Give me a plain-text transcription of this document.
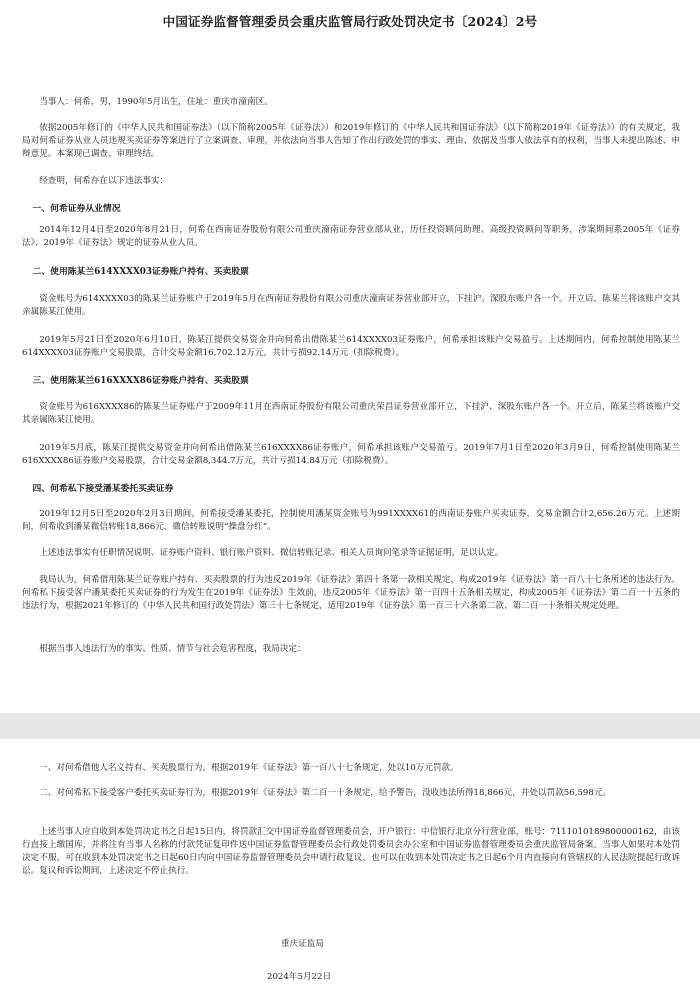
中国证券监督管理委员会重庆监管局行政处罚决定书〔2024〕2号

当事人：何希，男，1990年5月出生，住址：重庆市潼南区。

依据2005年修订的《中华人民共和国证券法》（以下简称2005年《证券法》）和2019年修订的《中华人民共和国证券法》（以下简称2019年《证券法》）的有关规定，我局对何希证券从业人员违规买卖证券等案进行了立案调查、审理，并依法向当事人告知了作出行政处罚的事实、理由、依据及当事人依法享有的权利，当事人未提出陈述、申辩意见。本案现已调查、审理终结。

经查明，何希存在以下违法事实：

一、何希证券从业情况

2014年12月4日至2020年8月21日，何希在西南证券股份有限公司重庆潼南证券营业部从业，历任投资顾问助理、高级投资顾问等职务，涉案期间系2005年《证券法》、2019年《证券法》规定的证券从业人员。

二、使用陈某兰614XXXX03证券账户持有、买卖股票

资金账号为614XXXX03的陈某兰证券账户于2019年5月在西南证券股份有限公司重庆潼南证券营业部开立，下挂沪、深股东账户各一个。开立后，陈某兰将该账户交其亲属陈某江使用。

2019年5月21日至2020年6月10日，陈某江提供交易资金并向何希出借陈某兰614XXXX03证券账户，何希承担该账户交易盈亏。上述期间内，何希控制使用陈某兰614XXXX03证券账户交易股票，合计交易金额16,702.12万元，共计亏损92.14万元（扣除税费）。

三、使用陈某兰616XXXX86证券账户持有、买卖股票

资金账号为616XXXX86的陈某兰证券账户于2009年11月在西南证券股份有限公司重庆荣昌证券营业部开立，下挂沪、深股东账户各一个。开立后，陈某兰将该账户交其亲属陈某江使用。

2019年5月底，陈某江提供交易资金并向何希出借陈某兰616XXXX86证券账户，何希承担该账户交易盈亏。2019年7月1日至2020年3月9日，何希控制使用陈某兰616XXXX86证券账户交易股票，合计交易金额8,344.7万元，共计亏损14.84万元（扣除税费）。

四、何希私下接受潘某委托买卖证券

2019年12月5日至2020年2月3日期间，何希接受潘某委托，控制使用潘某资金账号为991XXXX61的西南证券账户买卖证券，交易金额合计2,656.26万元。上述期间，何希收到潘某微信转账18,866元，微信转账说明“操盘分红”。

上述违法事实有任职情况说明、证券账户资料、银行账户资料、微信转账记录、相关人员询问笔录等证据证明，足以认定。

我局认为，何希借用陈某兰证券账户持有、买卖股票的行为违反2019年《证券法》第四十条第一款相关规定，构成2019年《证券法》第一百八十七条所述的违法行为。何希私下接受客户潘某委托买卖证券的行为发生在2019年《证券法》生效前，违反2005年《证券法》第一百四十五条相关规定，构成2005年《证券法》第二百一十五条的违法行为，根据2021年修订的《中华人民共和国行政处罚法》第三十七条规定，适用2019年《证券法》第一百三十六条第二款、第二百一十条相关规定处理。

根据当事人违法行为的事实、性质、情节与社会危害程度，我局决定：

一、对何希借他人名义持有、买卖股票行为，根据2019年《证券法》第一百八十七条规定，处以10万元罚款。

二、对何希私下接受客户委托买卖证券行为，根据2019年《证券法》第二百一十条规定，给予警告，没收违法所得18,866元，并处以罚款56,598元。

上述当事人应自收到本处罚决定书之日起15日内，将罚款汇交中国证券监督管理委员会，开户银行：中信银行北京分行营业部，账号：7111010189800000162，由该行直接上缴国库，并将注有当事人名称的付款凭证复印件送中国证券监督管理委员会行政处罚委员会办公室和中国证券监督管理委员会重庆监管局备案。当事人如果对本处罚决定不服，可在收到本处罚决定书之日起60日内向中国证券监督管理委员会申请行政复议，也可以在收到本处罚决定书之日起6个月内直接向有管辖权的人民法院提起行政诉讼。复议和诉讼期间，上述决定不停止执行。

重庆证监局
2024年5月22日
